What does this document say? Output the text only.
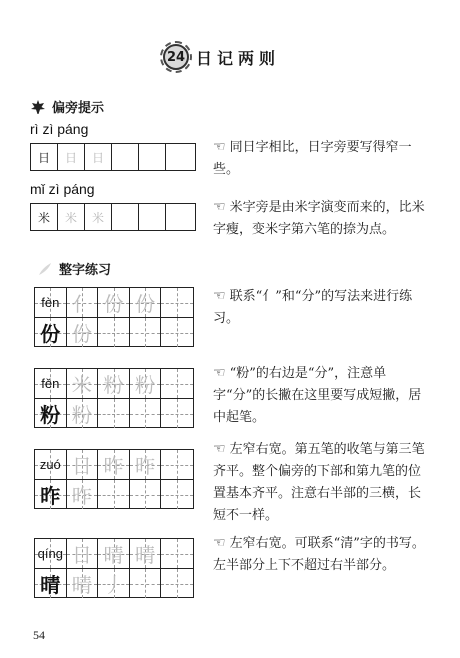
24 日记两则
偏旁提示
rì zì páng
日	日	日
☜ 同日字相比，日字旁要写得窄一些。
mǐ zì páng
米	米	米
☜ 米字旁是由米字演变而来的，比米字瘦，变米字第六笔的捺为点。
整字练习
fèn 亻 份 份
份 份
☜ 联系“亻”和“分”的写法来进行练习。
fěn 米 粉 粉
粉 粉
☜ “粉”的右边是“分”，注意单字“分”的长撇在这里要写成短撇，居中起笔。
zuó 日 昨 昨
昨 昨
☜ 左窄右宽。第五笔的收笔与第三笔齐平。整个偏旁的下部和第九笔的位置基本齐平。注意右半部的三横，长短不一样。
qíng 日 晴 晴
晴 晴 丿
☜ 左窄右宽。可联系“清”字的书写。左半部分上下不超过右半部分。
54
